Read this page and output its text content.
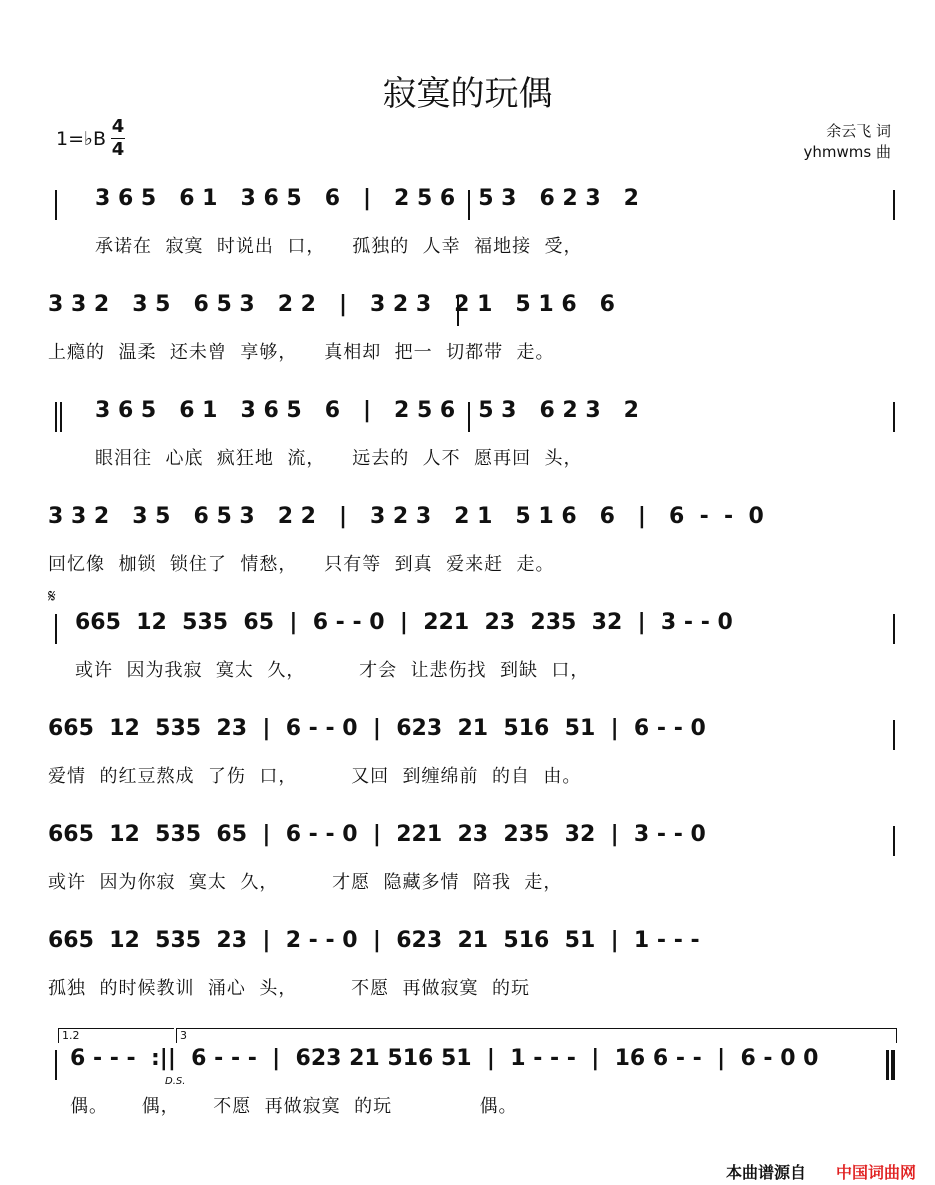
寂寞的玩偶
1=♭B
4
4
余云飞 词
yhmwms 曲
3 6 5   6 1   3 6 5   6   |   2 5 6   5 3   6 2 3   2
承诺在  寂寞  时说出  口，    孤独的  人幸  福地接  受，
3 3 2   3 5   6 5 3   2 2   |   3 2 3   2 1   5 1 6   6
上瘾的  温柔  还未曾  享够，    真相却  把一  切都带  走。
3 6 5   6 1   3 6 5   6   |   2 5 6   5 3   6 2 3   2
眼泪往  心底  疯狂地  流，    远去的  人不  愿再回  头，
3 3 2   3 5   6 5 3   2 2   |   3 2 3   2 1   5 1 6   6   |   6  -  -  0
回忆像  枷锁  锁住了  情愁，    只有等  到真  爱来赶  走。
𝄋
665  12  535  65  |  6 - - 0  |  221  23  235  32  |  3 - - 0
或许  因为我寂  寞太  久，        才会  让悲伤找  到缺  口，
665  12  535  23  |  6 - - 0  |  623  21  516  51  |  6 - - 0
爱情  的红豆熬成  了伤  口，        又回  到缠绵前  的自  由。
665  12  535  65  |  6 - - 0  |  221  23  235  32  |  3 - - 0
或许  因为你寂  寞太  久，        才愿  隐藏多情  陪我  走，
665  12  535  23  |  2 - - 0  |  623  21  516  51  |  1 - - -
孤独  的时候教训  涌心  头，        不愿  再做寂寞  的玩
1.2	3
D.S.
6 - - -  :||  6 - - -  |  623 21 516 51  |  1 - - -  |  16 6 - -  |  6 - 0 0
偶。     偶，     不愿  再做寂寞  的玩             偶。
本曲谱源自 中国词曲网
